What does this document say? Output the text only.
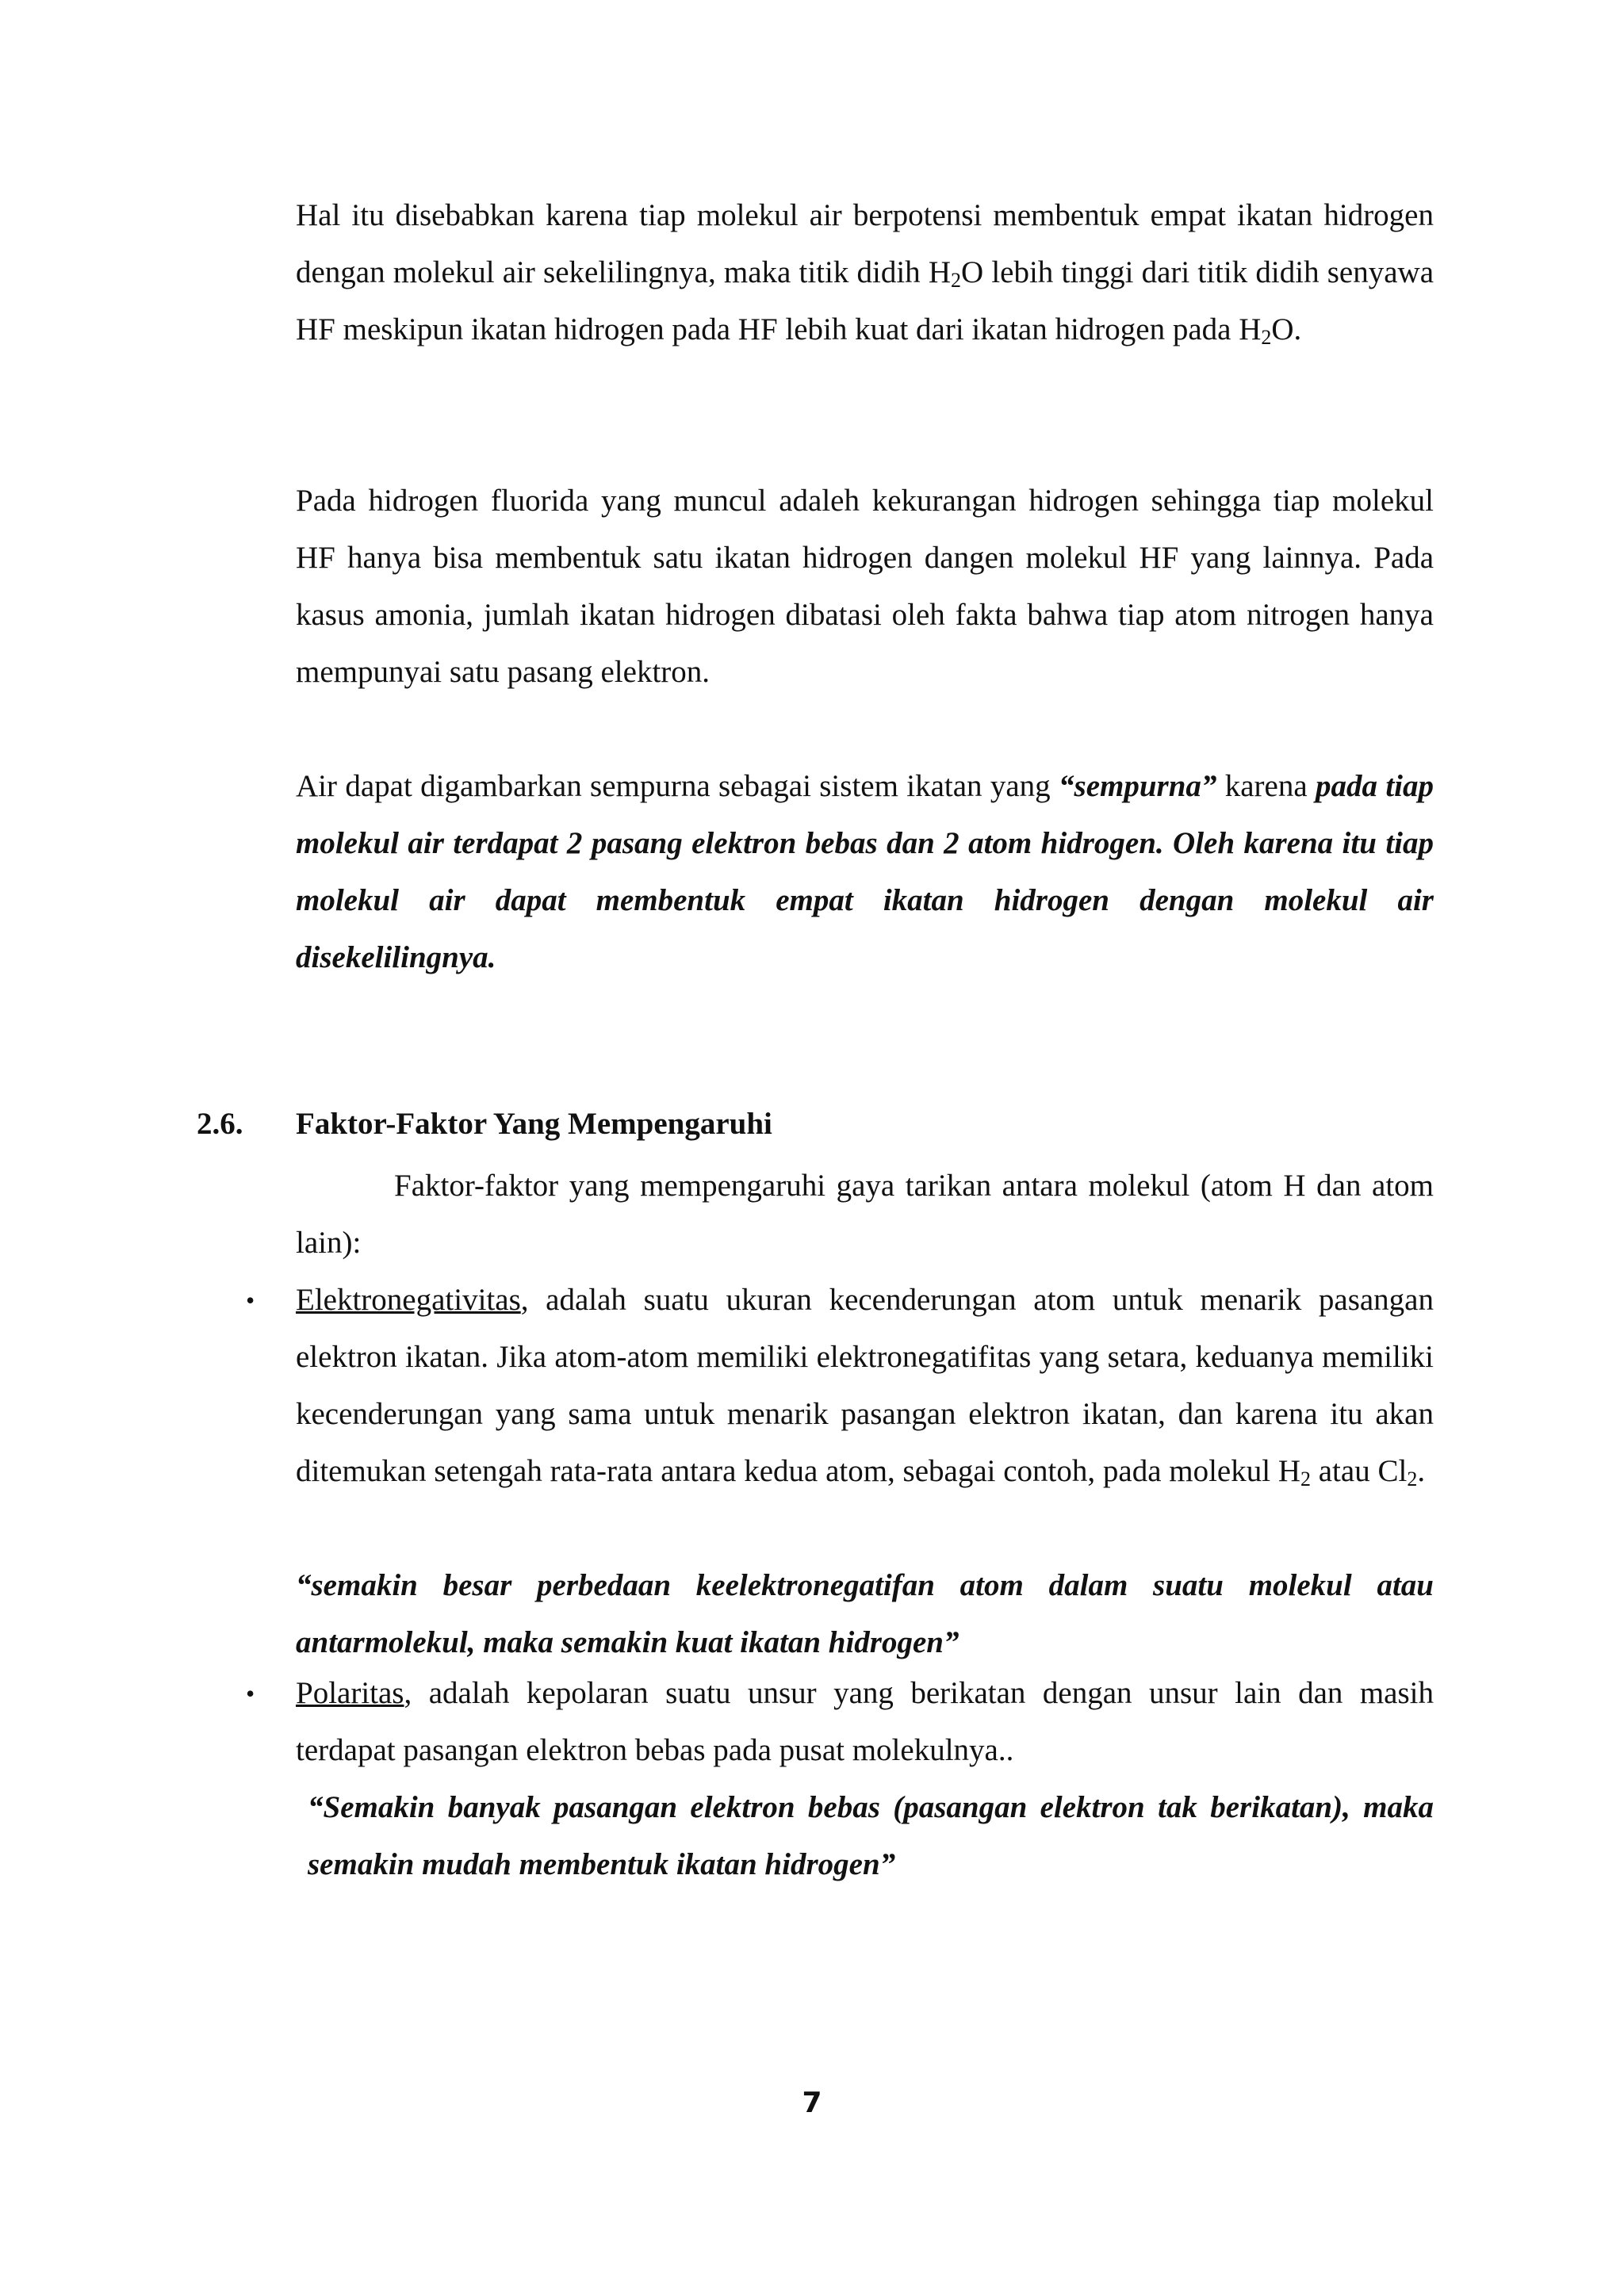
Hal itu disebabkan karena tiap molekul air berpotensi membentuk empat ikatan hidrogen dengan molekul air sekelilingnya, maka titik didih $H_2O$ lebih tinggi dari titik didih senyawa HF meskipun ikatan hidrogen pada HF lebih kuat dari ikatan hidrogen pada $H_2O$.

Pada hidrogen fluorida yang muncul adaleh kekurangan hidrogen sehingga tiap molekul HF hanya bisa membentuk satu ikatan hidrogen dangen molekul HF yang lainnya. Pada kasus amonia, jumlah ikatan hidrogen dibatasi oleh fakta bahwa tiap atom nitrogen hanya mempunyai satu pasang elektron.

Air dapat digambarkan sempurna sebagai sistem ikatan yang “sempurna” karena pada tiap molekul air terdapat 2 pasang elektron bebas dan 2 atom hidrogen. Oleh karena itu tiap molekul air dapat membentuk empat ikatan hidrogen dengan molekul air disekelilingnya.

2.6. Faktor-Faktor Yang Mempengaruhi

Faktor-faktor yang mempengaruhi gaya tarikan antara molekul (atom H dan atom lain):

• Elektronegativitas, adalah suatu ukuran kecenderungan atom untuk menarik pasangan elektron ikatan. Jika atom-atom memiliki elektronegatifitas yang setara, keduanya memiliki kecenderungan yang sama untuk menarik pasangan elektron ikatan, dan karena itu akan ditemukan setengah rata-rata antara kedua atom, sebagai contoh, pada molekul $H_2$ atau $Cl_2$.

“semakin besar perbedaan keelektronegatifan atom dalam suatu molekul atau antarmolekul, maka semakin kuat ikatan hidrogen”

• Polaritas, adalah kepolaran suatu unsur yang berikatan dengan unsur lain dan masih terdapat pasangan elektron bebas pada pusat molekulnya..

“Semakin banyak pasangan elektron bebas (pasangan elektron tak berikatan), maka semakin mudah membentuk ikatan hidrogen”

7
